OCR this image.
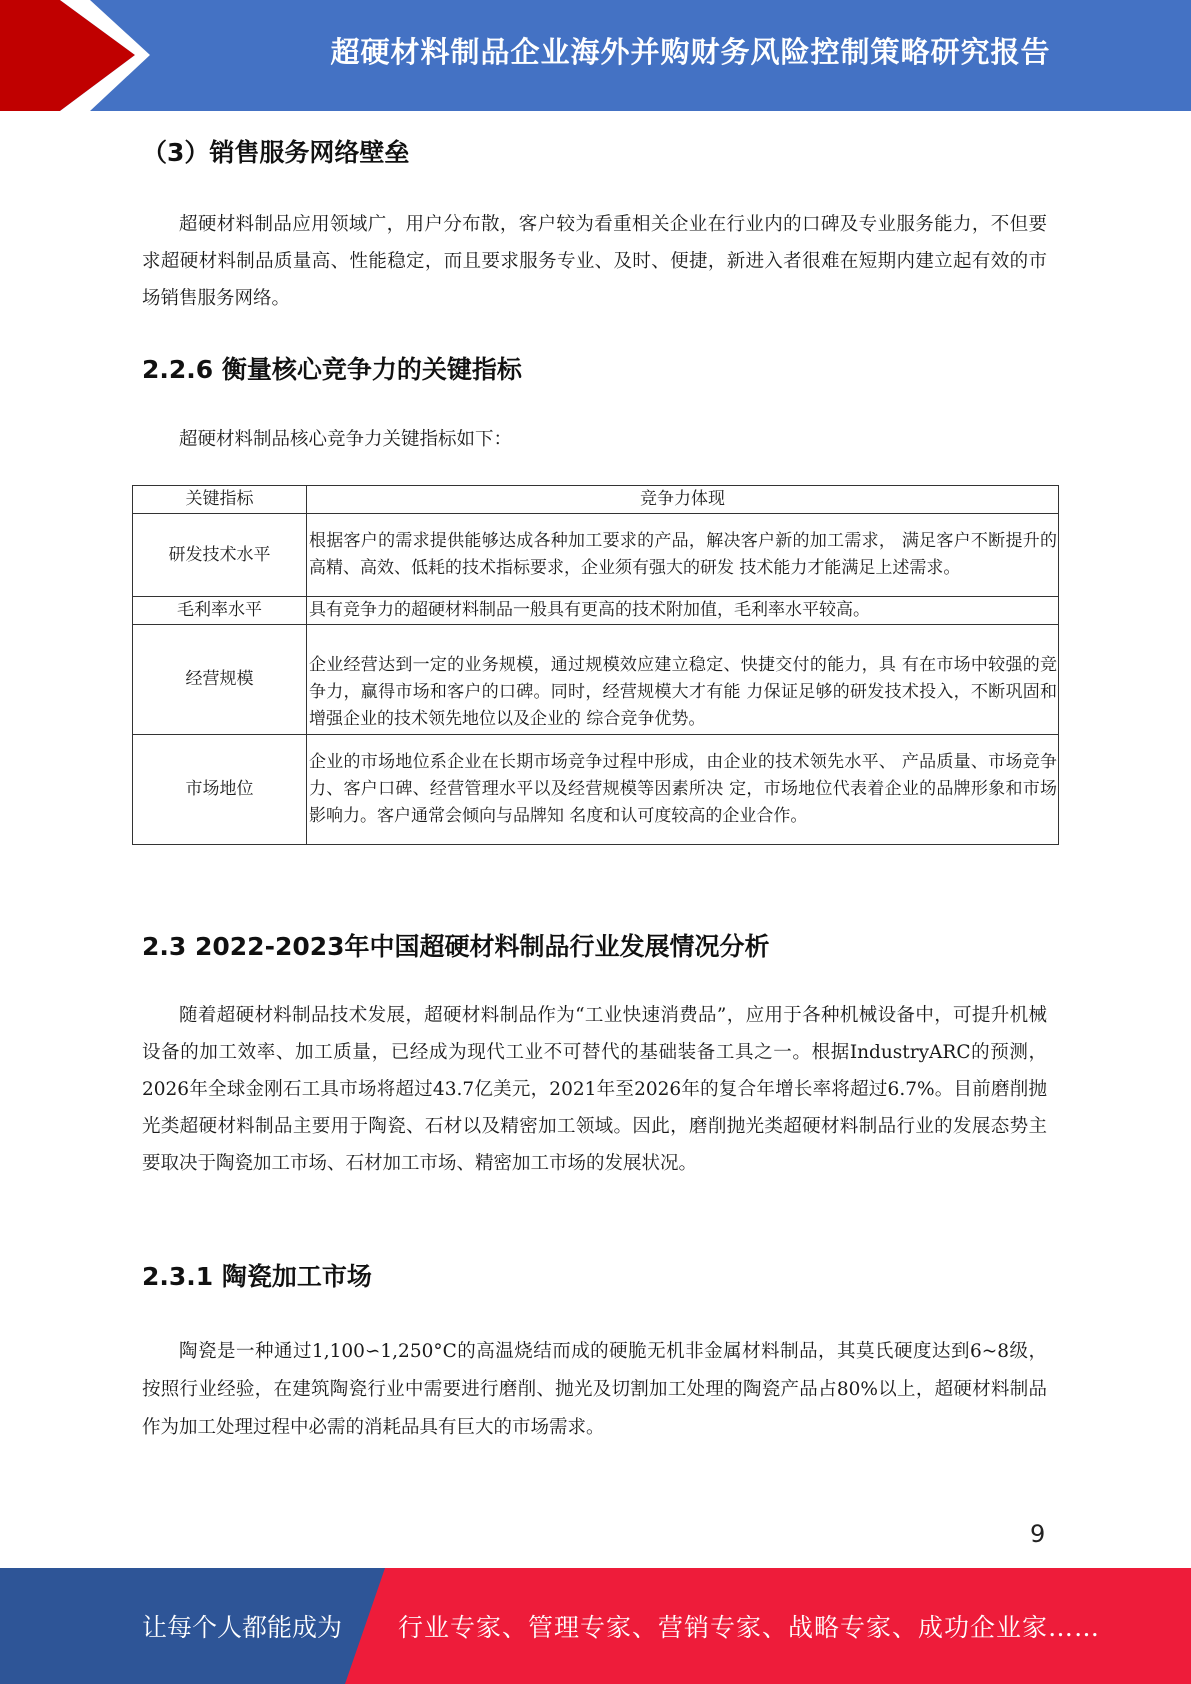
超硬材料制品企业海外并购财务风险控制策略研究报告
（3）销售服务网络壁垒

超硬材料制品应用领域广，用户分布散，客户较为看重相关企业在行业内的口碑及专业服务能力，不但要求超硬材料制品质量高、性能稳定，而且要求服务专业、及时、便捷，新进入者很难在短期内建立起有效的市场销售服务网络。

2.2.6 衡量核心竞争力的关键指标

超硬材料制品核心竞争力关键指标如下：

关键指标	竞争力体现
研发技术水平	根据客户的需求提供能够达成各种加工要求的产品，解决客户新的加工需求， 满足客户不断提升的高精、高效、低耗的技术指标要求，企业须有强大的研发 技术能力才能满足上述需求。
毛利率水平	具有竞争力的超硬材料制品一般具有更高的技术附加值，毛利率水平较高。
经营规模	企业经营达到一定的业务规模，通过规模效应建立稳定、快捷交付的能力，具 有在市场中较强的竞争力，赢得市场和客户的口碑。同时，经营规模大才有能 力保证足够的研发技术投入，不断巩固和增强企业的技术领先地位以及企业的 综合竞争优势。
市场地位	企业的市场地位系企业在长期市场竞争过程中形成，由企业的技术领先水平、 产品质量、市场竞争力、客户口碑、经营管理水平以及经营规模等因素所决 定，市场地位代表着企业的品牌形象和市场影响力。客户通常会倾向与品牌知 名度和认可度较高的企业合作。
2.3 2022-2023年中国超硬材料制品行业发展情况分析

随着超硬材料制品技术发展，超硬材料制品作为“工业快速消费品”，应用于各种机械设备中，可提升机械设备的加工效率、加工质量，已经成为现代工业不可替代的基础装备工具之一。根据IndustryARC的预测，2026年全球金刚石工具市场将超过43.7亿美元，2021年至2026年的复合年增长率将超过6.7%。目前磨削抛光类超硬材料制品主要用于陶瓷、石材以及精密加工领域。因此，磨削抛光类超硬材料制品行业的发展态势主要取决于陶瓷加工市场、石材加工市场、精密加工市场的发展状况。

2.3.1 陶瓷加工市场

陶瓷是一种通过1,100∽1,250°C的高温烧结而成的硬脆无机非金属材料制品，其莫氏硬度达到6~8级，按照行业经验，在建筑陶瓷行业中需要进行磨削、抛光及切割加工处理的陶瓷产品占80%以上，超硬材料制品作为加工处理过程中必需的消耗品具有巨大的市场需求。

9
让每个人都能成为 行业专家、管理专家、营销专家、战略专家、成功企业家……
